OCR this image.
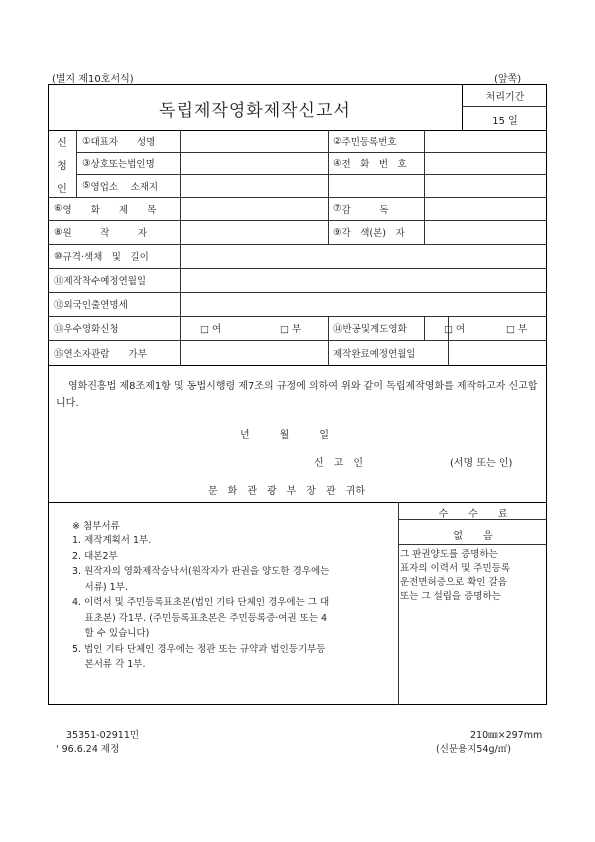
(별지 제10호서식)	(앞쪽)
독립제작영화제작신고서
처리기간
15 일
신
청
인
① 대표자　　성명	② 주민등록번호
③ 상호또는법인명	④ 전　화　번　호
⑤ 영업소　 소재지
⑥ 영　　화　　제　　목	⑦ 감　　　독
⑧ 원　　　작　　　자	⑨ 각　색(본)　자
⑩ 규격·색채　및　길이
⑪ 제작착수예정연월일
⑫ 외국인출연명세
⑬ 우수영화신청	□ 여	□ 부	⑭ 반공및계도영화	□ 여	□ 부
⑮ 연소자관람　　가부	제작완료예정연월일
영화진흥법 제8조제1항 및 동법시행령 제7조의 규정에 의하여 위와 같이 독립제작영화를 제작하고자 신고합니다.
년　　　월　　　일
신　고　인	(서명 또는 인)
문　화　관　광　부　장　관　귀하
※ 첨부서류
1. 제작계획서 1부.
2. 대본2부
3. 원작자의 영화제작승낙서(원작자가 판권을 양도한 경우에는
　 서류) 1부.
4. 이력서 및 주민등록표초본(법인 기타 단체인 경우에는 그 대
　 표초본) 각1부. (주민등록표초본은 주민등록증·여권 또는 4
　 할 수 있습니다)
5. 법인 기타 단체인 경우에는 정관 또는 규약과 법인등기부등
　 본서류 각 1부.
수　　수　　료
없　　음
그 판권양도를 증명하는
표자의 이력서 및 주민등록
운전면허증으로 확인 갈음
또는 그 설립을 증명하는
35351-02911민
' 96.6.24 제정
210㎜×297mm
(신문용지54g/㎡)
